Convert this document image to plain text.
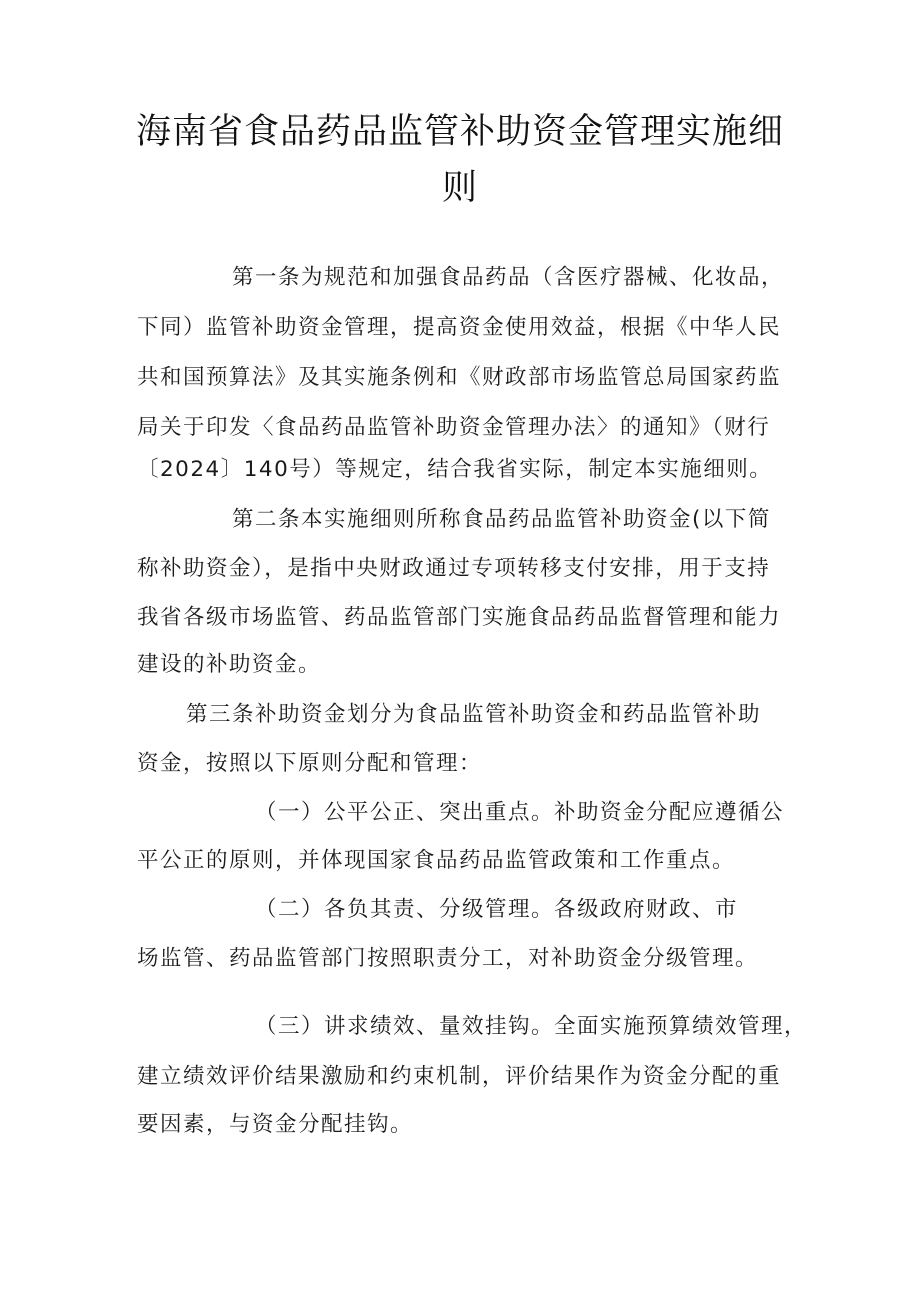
海南省食品药品监管补助资金管理实施细
则
第一条为规范和加强食品药品（含医疗器械、化妆品，
下同）监管补助资金管理，提高资金使用效益，根据《中华人民
共和国预算法》及其实施条例和《财政部市场监管总局国家药监
局关于印发〈食品药品监管补助资金管理办法〉的通知》（财行
〔2024〕140号）等规定，结合我省实际，制定本实施细则。
第二条本实施细则所称食品药品监管补助资金(以下简
称补助资金），是指中央财政通过专项转移支付安排，用于支持
我省各级市场监管、药品监管部门实施食品药品监督管理和能力
建设的补助资金。
第三条补助资金划分为食品监管补助资金和药品监管补助
资金，按照以下原则分配和管理：
（一）公平公正、突出重点。补助资金分配应遵循公
平公正的原则，并体现国家食品药品监管政策和工作重点。
（二）各负其责、分级管理。各级政府财政、市
场监管、药品监管部门按照职责分工，对补助资金分级管理。
（三）讲求绩效、量效挂钩。全面实施预算绩效管理，
建立绩效评价结果激励和约束机制，评价结果作为资金分配的重
要因素，与资金分配挂钩。
